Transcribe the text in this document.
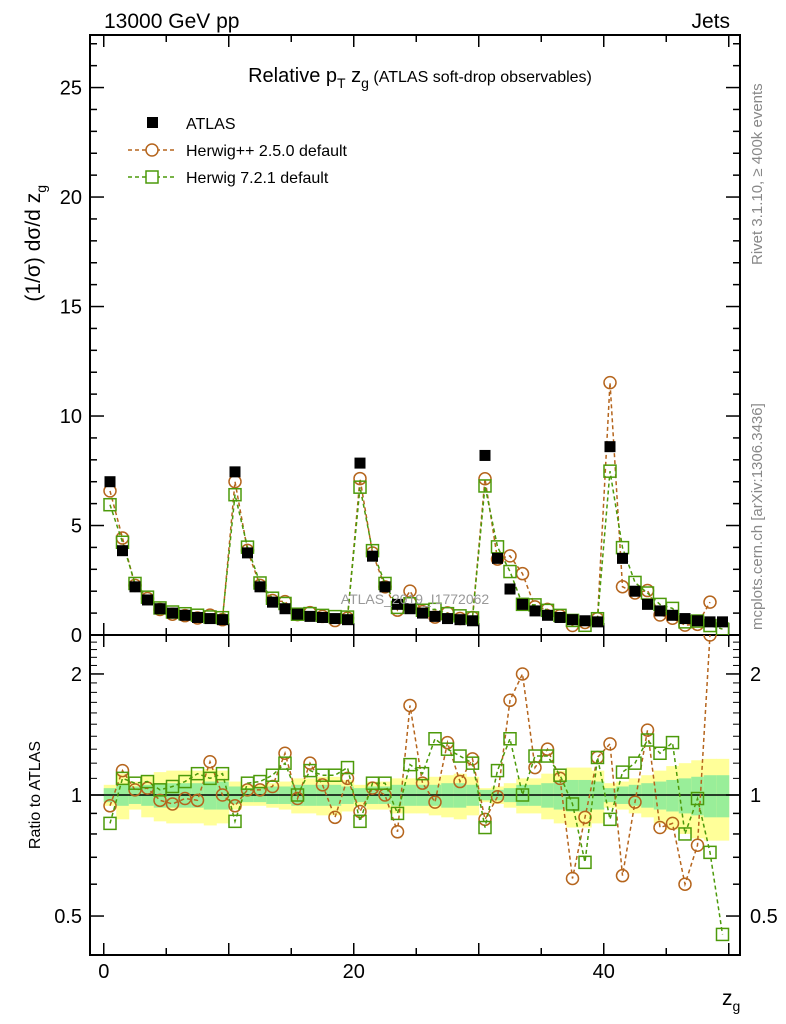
0	20	40
0
5
10
15
20
25
0.5	0.5
1	1
2	2
13000 GeV pp	Jets
ATLAS_2019_I1772062
Relative $p_T$ $z_g$ $^{(ATLAS soft-drop observables)}$
(1/σ) dσ/d $z_g$
Ratio to ATLAS
$z_g$
Rivet 3.1.10, ≥ 400k events
mcplots.cern.ch [arXiv:1306.3436]
ATLAS
Herwig++ 2.5.0 default
Herwig 7.2.1 default
